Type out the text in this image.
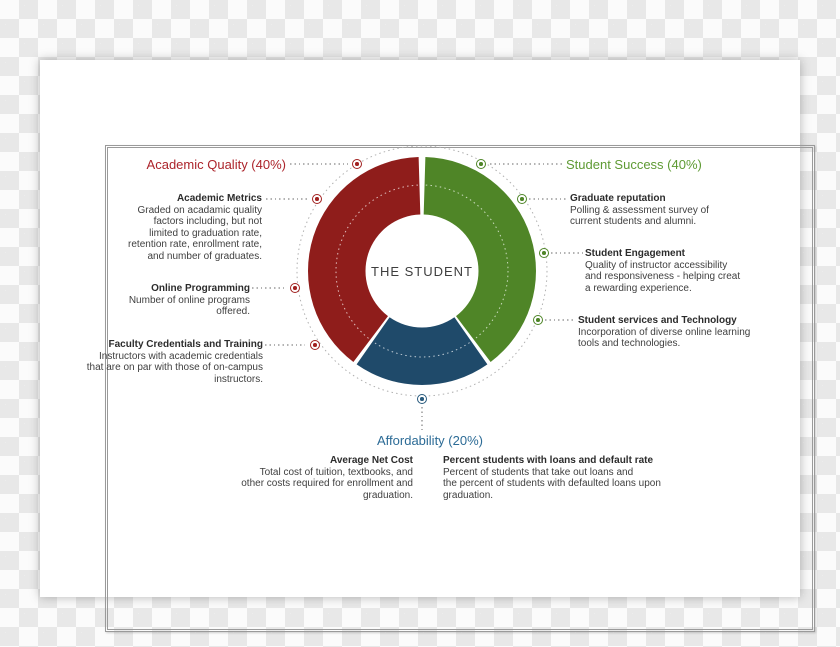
THE STUDENT
Academic Quality (40%)	Student Success (40%)
Affordability (20%)
Academic Metrics
Graded on acadamic quality
factors including, but not
limited to graduation rate,
retention rate, enrollment rate,
and number of graduates.
Online Programming
Number of online programs
offered.
Faculty Credentials and Training
Instructors with academic credentials
that are on par with those of on-campus
instructors.
Graduate reputation
Polling & assessment survey of
current students and alumni.
Student Engagement
Quality of instructor accessibility
and responsiveness - helping creat
a rewarding experience.
Student services and Technology
Incorporation of diverse online learning
tools and technologies.
Average Net Cost
Total cost of tuition, textbooks, and
other costs required for enrollment and
graduation.
Percent students with loans and default rate
Percent of students that take out loans and
the percent of students with defaulted loans upon
graduation.
